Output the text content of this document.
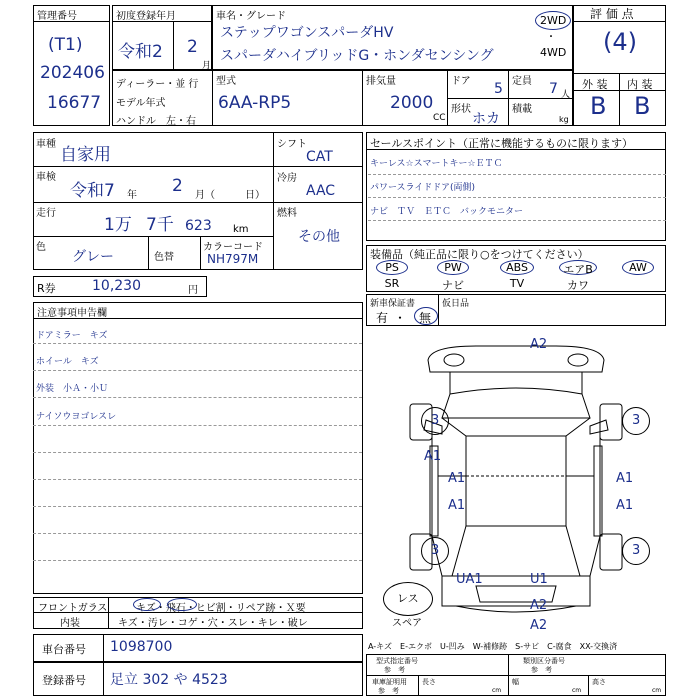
管理番号
(T1)
202406
16677
初度登録年月
令和2 2
月
車名・グレード
ステップワゴンスパーダHV
スパーダハイブリッドG・ホンダセンシング
2WD
・
4WD
評 価 点
(4)
外 装 内 装
B B
ディーラー・並 行
モデル年式
ハンドル　左・右
型式
6AA-RP5
排気量
2000
CC
ドア 5 定員 7 人
形状
ホカ
積載
kg
車種
自家用
車検
令和7 年 2 月（	日）
走行
1万 7千 623 km
色
グレー	色替
カラーコード
NH797M
シフト
CAT
冷房
AAC
燃料
その他
R券	10,230	円
セールスポイント（正常に機能するものに限ります）
キーレス☆スマートキー☆ＥＴＣ
パワースライドドア(両側)
ナビ　ＴＶ　ＥＴＣ　バックモニター
装備品（純正品に限り○をつけてください）
PS	PW	ABS	エアB	AW
SR	ナビ	TV	カワ
新車保証書	仮日品
有 ・ 無
注意事項申告欄
ドアミラー　キズ
ホイール　キズ
外装　小Ａ・小Ｕ
ナイソウヨゴレスレ
フロントガラス
内装
キズ・飛石・ヒビ割・リペア跡・Ｘ要
キズ・汚レ・コゲ・穴・スレ・キレ・破レ
車台番号 1098700
登録番号 足立 302 や 4523
A-キズ　E-エクボ　U-凹み　W-補修跡　S-サビ　C-腐食　XX-交換済
型式指定番号
参　考
類別区分番号
参　考
車庫証明用
参　考
長さ	幅	高さ
cm	cm	cm
A2
3	3
A1
A1	A1
A1	A1
3	3
UA1	U1
A2
A2
レス
スペア
